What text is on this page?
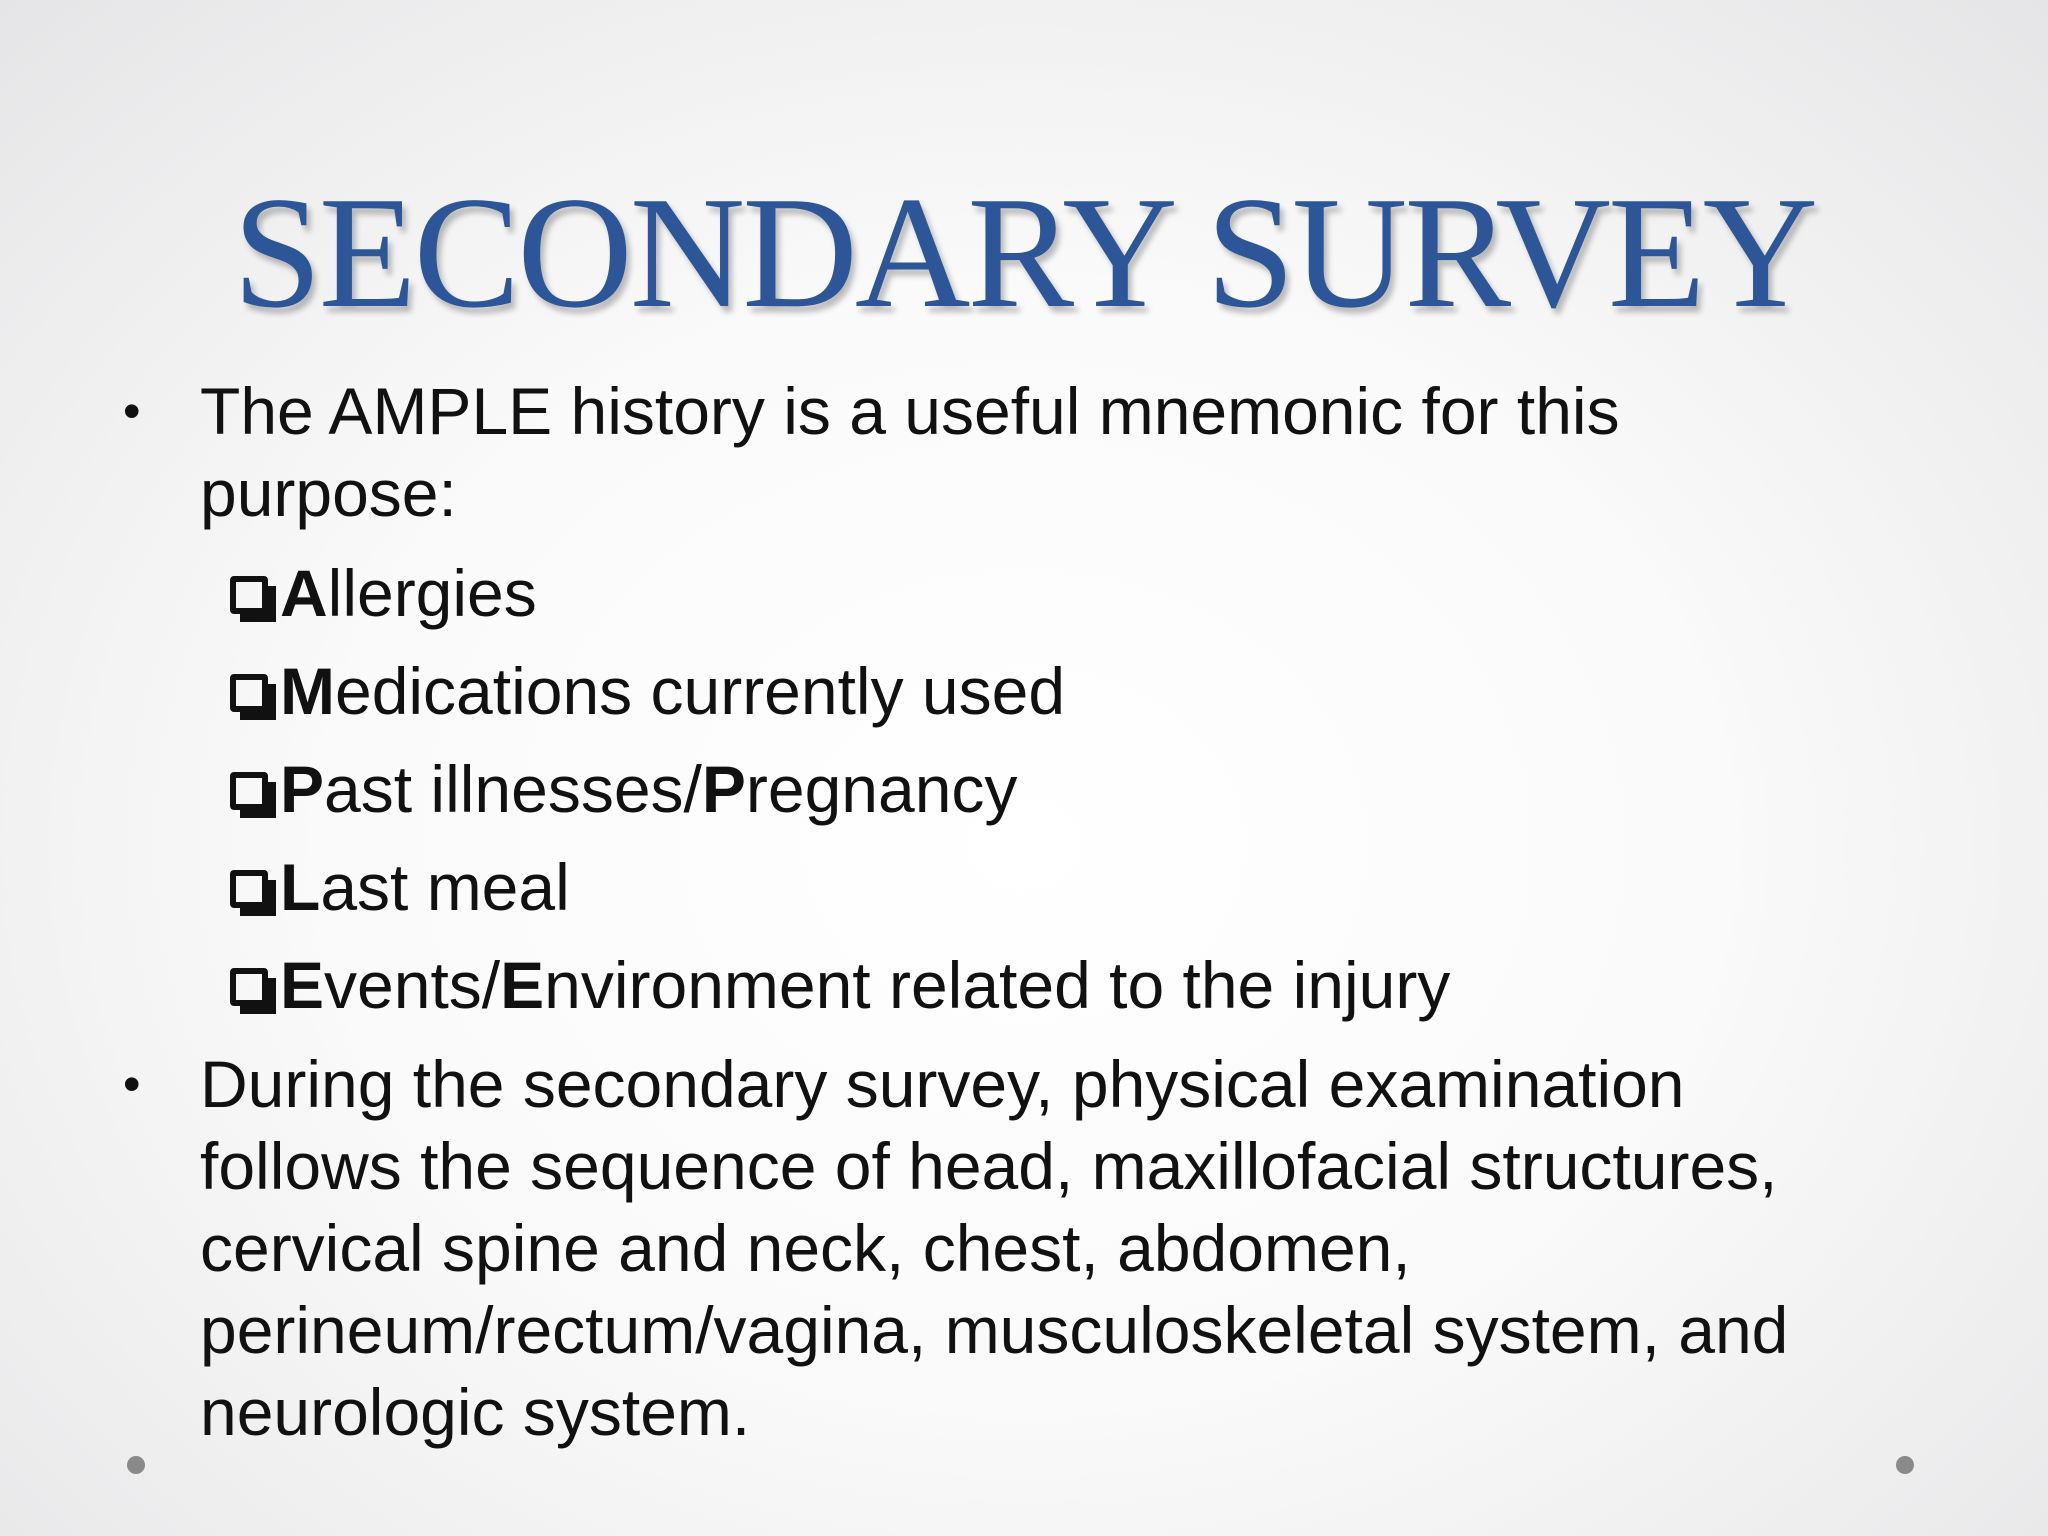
SECONDARY SURVEY
• The AMPLE history is a useful mnemonic for this purpose:
Allergies
Medications currently used
Past illnesses/Pregnancy
Last meal
Events/Environment related to the injury
• During the secondary survey, physical examination follows the sequence of head, maxillofacial structures, cervical spine and neck, chest, abdomen, perineum/rectum/vagina, musculoskeletal system, and neurologic system.
